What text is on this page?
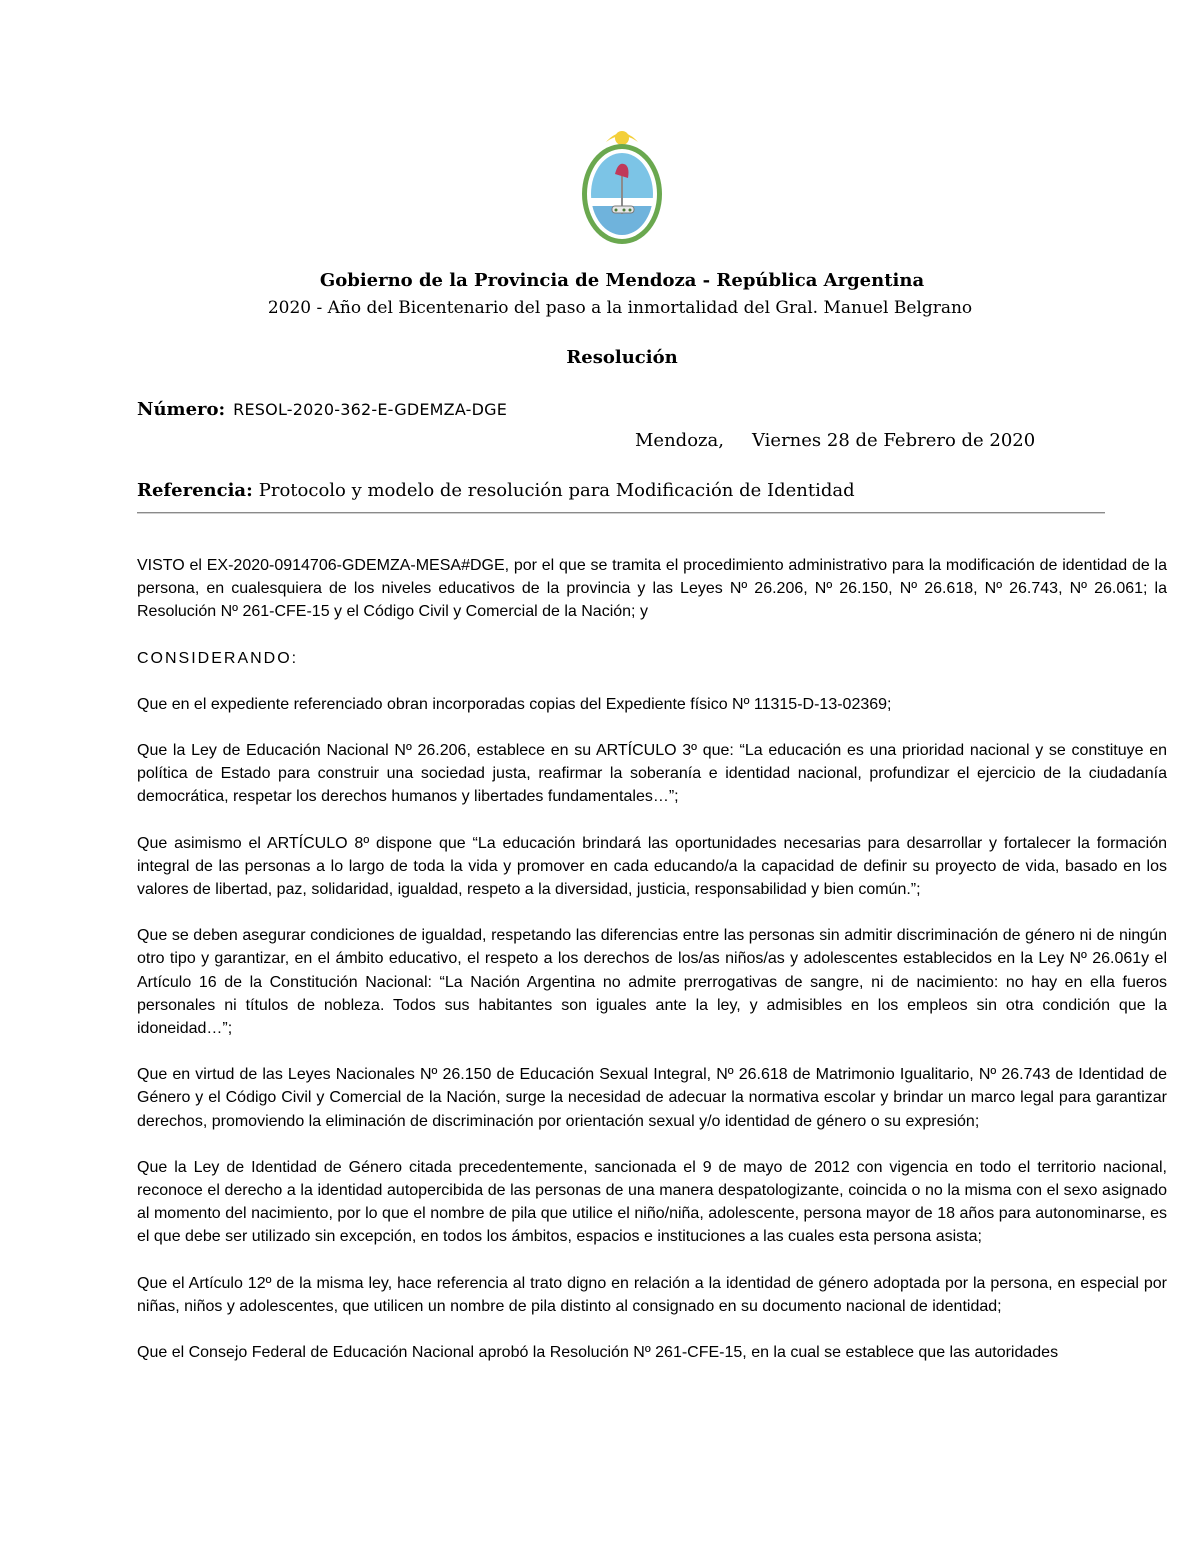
Gobierno de la Provincia de Mendoza - República Argentina
2020 - Año del Bicentenario del paso a la inmortalidad del Gral. Manuel Belgrano
Resolución
Número: RESOL-2020-362-E-GDEMZA-DGE
Mendoza, Viernes 28 de Febrero de 2020
Referencia: Protocolo y modelo de resolución para Modificación de Identidad

VISTO el EX-2020-0914706-GDEMZA-MESA#DGE, por el que se tramita el procedimiento administrativo para la modificación de identidad de la persona, en cualesquiera de los niveles educativos de la provincia y las Leyes Nº 26.206, Nº 26.150, Nº 26.618, Nº 26.743, Nº 26.061; la Resolución Nº 261-CFE-15 y el Código Civil y Comercial de la Nación; y

CONSIDERANDO:

Que en el expediente referenciado obran incorporadas copias del Expediente físico Nº 11315-D-13-02369;

Que la Ley de Educación Nacional Nº 26.206, establece en su ARTÍCULO 3º que: “La educación es una prioridad nacional y se constituye en política de Estado para construir una sociedad justa, reafirmar la soberanía e identidad nacional, profundizar el ejercicio de la ciudadanía democrática, respetar los derechos humanos y libertades fundamentales…”;

Que asimismo el ARTÍCULO 8º dispone que “La educación brindará las oportunidades necesarias para desarrollar y fortalecer la formación integral de las personas a lo largo de toda la vida y promover en cada educando/a la capacidad de definir su proyecto de vida, basado en los valores de libertad, paz, solidaridad, igualdad, respeto a la diversidad, justicia, responsabilidad y bien común.”;

Que se deben asegurar condiciones de igualdad, respetando las diferencias entre las personas sin admitir discriminación de género ni de ningún otro tipo y garantizar, en el ámbito educativo, el respeto a los derechos de los/as niños/as y adolescentes establecidos en la Ley Nº 26.061y el Artículo 16 de la Constitución Nacional: “La Nación Argentina no admite prerrogativas de sangre, ni de nacimiento: no hay en ella fueros personales ni títulos de nobleza. Todos sus habitantes son iguales ante la ley, y admisibles en los empleos sin otra condición que la idoneidad…”;

Que en virtud de las Leyes Nacionales Nº 26.150 de Educación Sexual Integral, Nº 26.618 de Matrimonio Igualitario, Nº 26.743 de Identidad de Género y el Código Civil y Comercial de la Nación, surge la necesidad de adecuar la normativa escolar y brindar un marco legal para garantizar derechos, promoviendo la eliminación de discriminación por orientación sexual y/o identidad de género o su expresión;

Que la Ley de Identidad de Género citada precedentemente, sancionada el 9 de mayo de 2012 con vigencia en todo el territorio nacional, reconoce el derecho a la identidad autopercibida de las personas de una manera despatologizante, coincida o no la misma con el sexo asignado al momento del nacimiento, por lo que el nombre de pila que utilice el niño/niña, adolescente, persona mayor de 18 años para autonominarse, es el que debe ser utilizado sin excepción, en todos los ámbitos, espacios e instituciones a las cuales esta persona asista;

Que el Artículo 12º de la misma ley, hace referencia al trato digno en relación a la identidad de género adoptada por la persona, en especial por niñas, niños y adolescentes, que utilicen un nombre de pila distinto al consignado en su documento nacional de identidad;

Que el Consejo Federal de Educación Nacional aprobó la Resolución Nº 261-CFE-15, en la cual se establece que las autoridades
